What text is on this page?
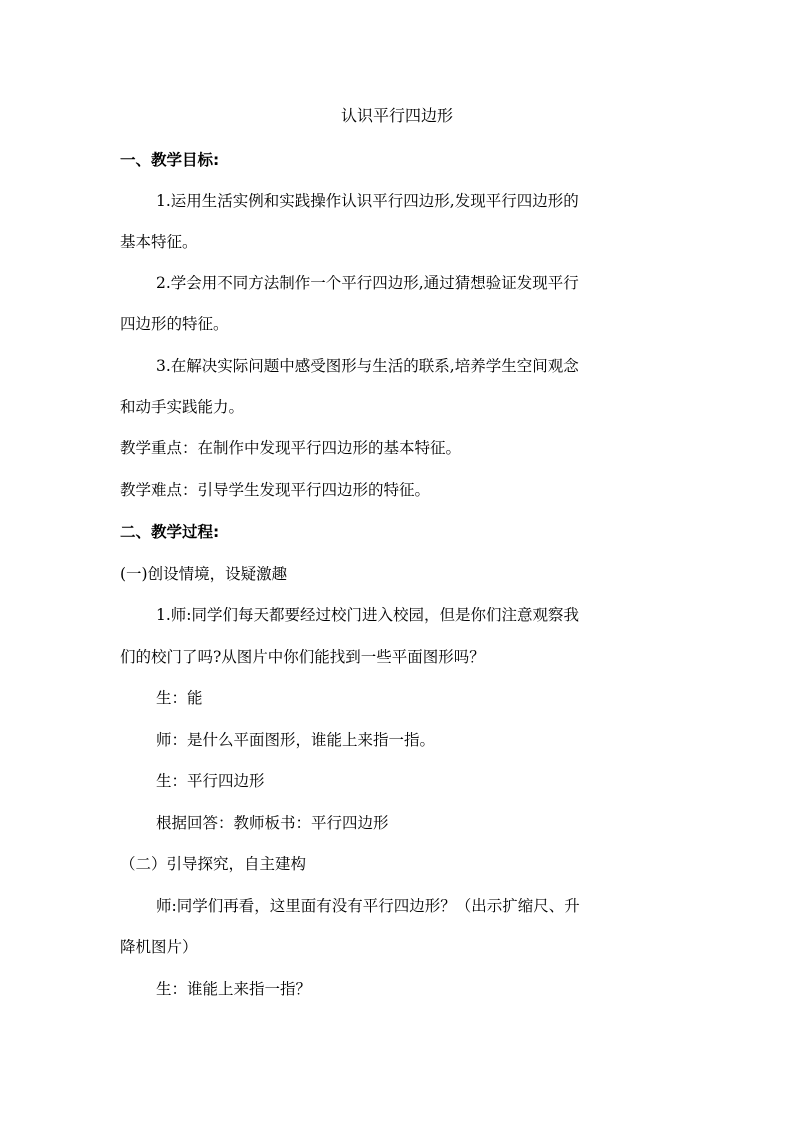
认识平行四边形
一、教学目标:
1.运用生活实例和实践操作认识平行四边形,发现平行四边形的
基本特征。
2.学会用不同方法制作一个平行四边形,通过猜想验证发现平行
四边形的特征。
3.在解决实际问题中感受图形与生活的联系,培养学生空间观念
和动手实践能力。
教学重点：在制作中发现平行四边形的基本特征。
教学难点：引导学生发现平行四边形的特征。
二、教学过程:
(一)创设情境，设疑激趣
1.师:同学们每天都要经过校门进入校园，但是你们注意观察我
们的校门了吗?从图片中你们能找到一些平面图形吗？
生：能
师：是什么平面图形，谁能上来指一指。
生：平行四边形
根据回答：教师板书：平行四边形
（二）引导探究，自主建构
师:同学们再看，这里面有没有平行四边形？（出示扩缩尺、升
降机图片）
生：谁能上来指一指？
